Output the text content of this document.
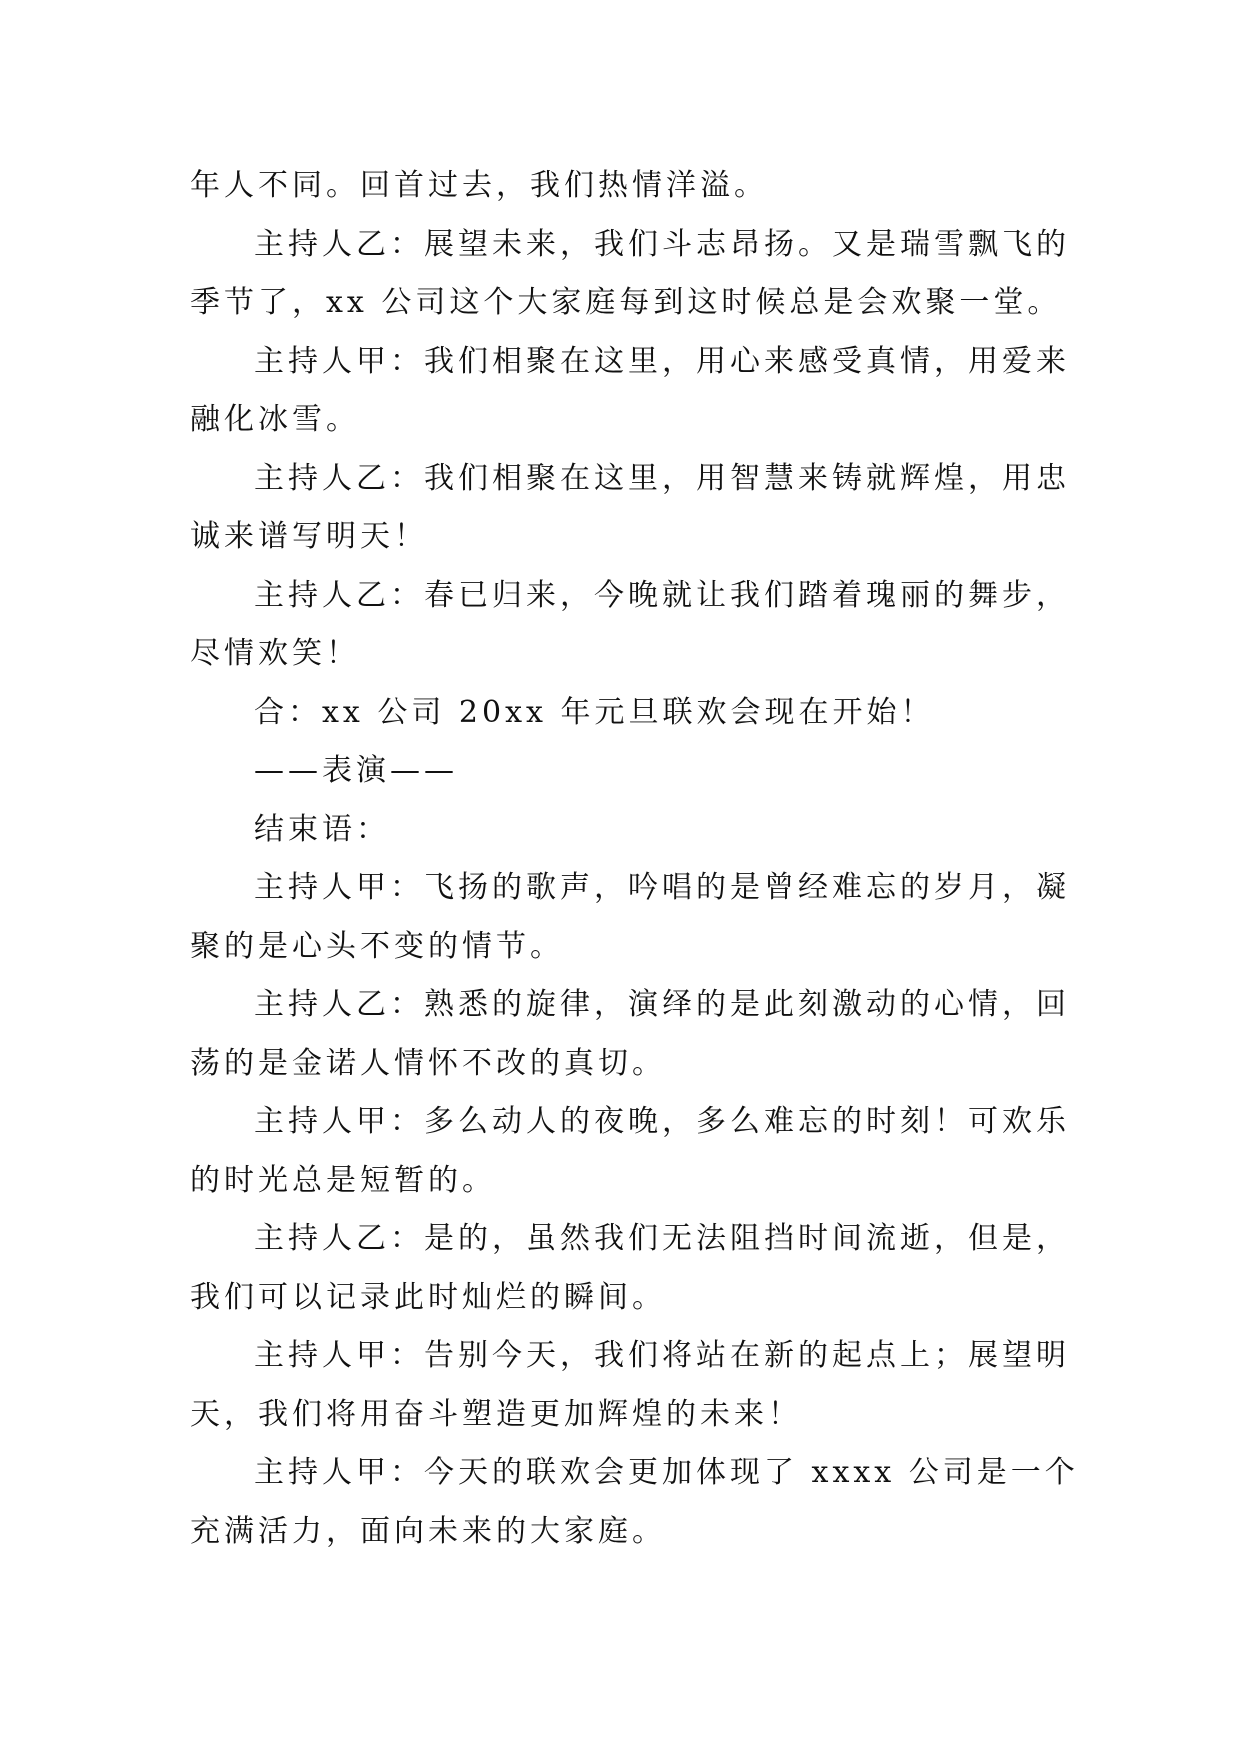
年人不同。回首过去，我们热情洋溢。
主持人乙：展望未来，我们斗志昂扬。又是瑞雪飘飞的
季节了，xx 公司这个大家庭每到这时候总是会欢聚一堂。
主持人甲：我们相聚在这里，用心来感受真情，用爱来
融化冰雪。
主持人乙：我们相聚在这里，用智慧来铸就辉煌，用忠
诚来谱写明天！
主持人乙：春已归来，今晚就让我们踏着瑰丽的舞步，
尽情欢笑！
合：xx 公司 20xx 年元旦联欢会现在开始！
——表演——
结束语：
主持人甲：飞扬的歌声，吟唱的是曾经难忘的岁月，凝
聚的是心头不变的情节。
主持人乙：熟悉的旋律，演绎的是此刻激动的心情，回
荡的是金诺人情怀不改的真切。
主持人甲：多么动人的夜晚，多么难忘的时刻！可欢乐
的时光总是短暂的。
主持人乙：是的，虽然我们无法阻挡时间流逝，但是，
我们可以记录此时灿烂的瞬间。
主持人甲：告别今天，我们将站在新的起点上；展望明
天，我们将用奋斗塑造更加辉煌的未来！
主持人甲：今天的联欢会更加体现了 xxxx 公司是一个
充满活力，面向未来的大家庭。
